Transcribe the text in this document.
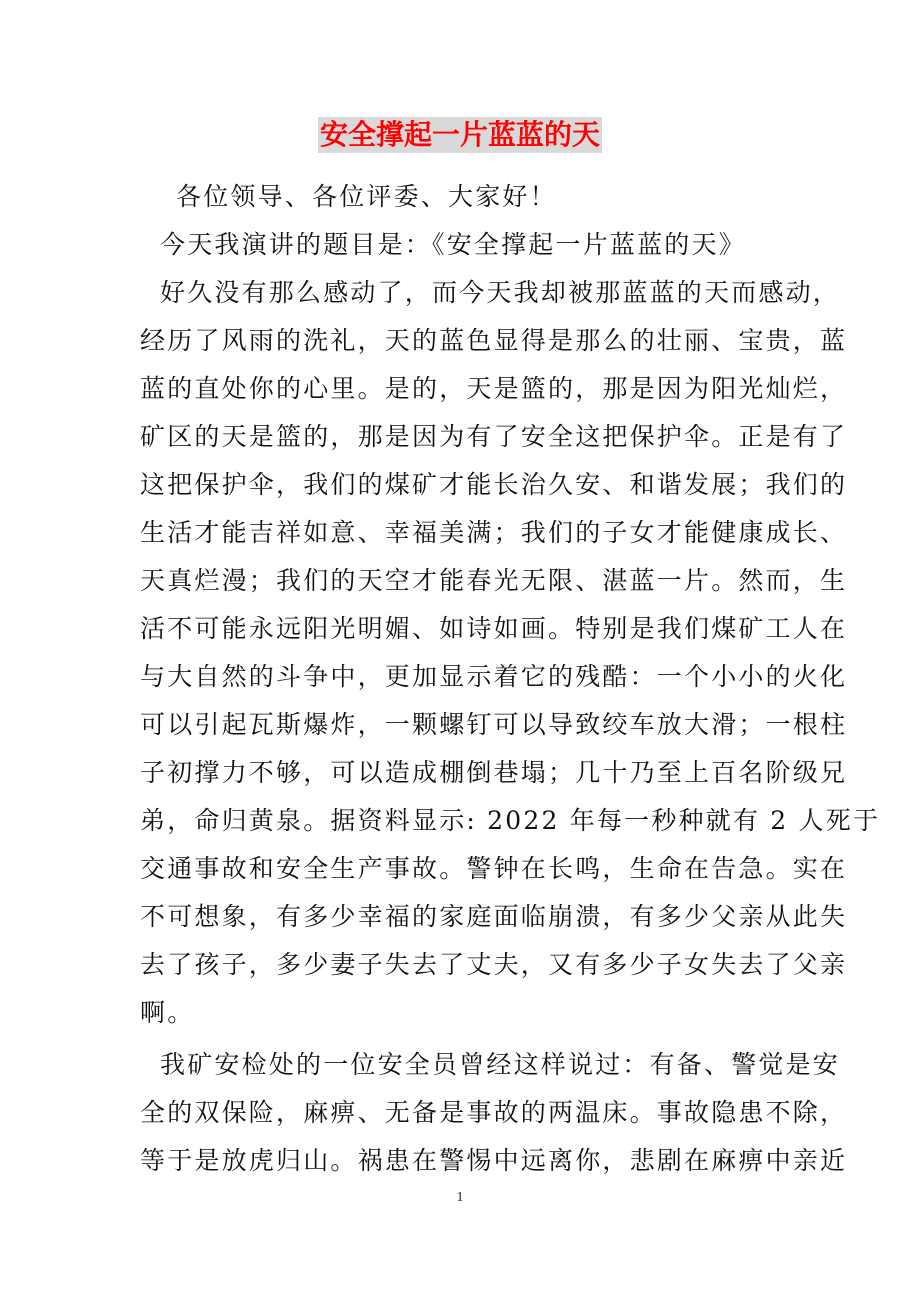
安全撑起一片蓝蓝的天
各位领导、各位评委、大家好！
今天我演讲的题目是：《安全撑起一片蓝蓝的天》
好久没有那么感动了，而今天我却被那蓝蓝的天而感动，
经历了风雨的洗礼，天的蓝色显得是那么的壮丽、宝贵，蓝
蓝的直处你的心里。是的，天是篮的，那是因为阳光灿烂，
矿区的天是篮的，那是因为有了安全这把保护伞。正是有了
这把保护伞，我们的煤矿才能长治久安、和谐发展；我们的
生活才能吉祥如意、幸福美满；我们的子女才能健康成长、
天真烂漫；我们的天空才能春光无限、湛蓝一片。然而，生
活不可能永远阳光明媚、如诗如画。特别是我们煤矿工人在
与大自然的斗争中，更加显示着它的残酷：一个小小的火化
可以引起瓦斯爆炸，一颗螺钉可以导致绞车放大滑；一根柱
子初撑力不够，可以造成棚倒巷塌；几十乃至上百名阶级兄
弟，命归黄泉。据资料显示: 2022 年每一秒种就有 2 人死于
交通事故和安全生产事故。警钟在长鸣，生命在告急。实在
不可想象，有多少幸福的家庭面临崩溃，有多少父亲从此失
去了孩子，多少妻子失去了丈夫，又有多少子女失去了父亲
啊。
我矿安检处的一位安全员曾经这样说过：有备、警觉是安
全的双保险，麻痹、无备是事故的两温床。事故隐患不除，
等于是放虎归山。祸患在警惕中远离你，悲剧在麻痹中亲近
1
